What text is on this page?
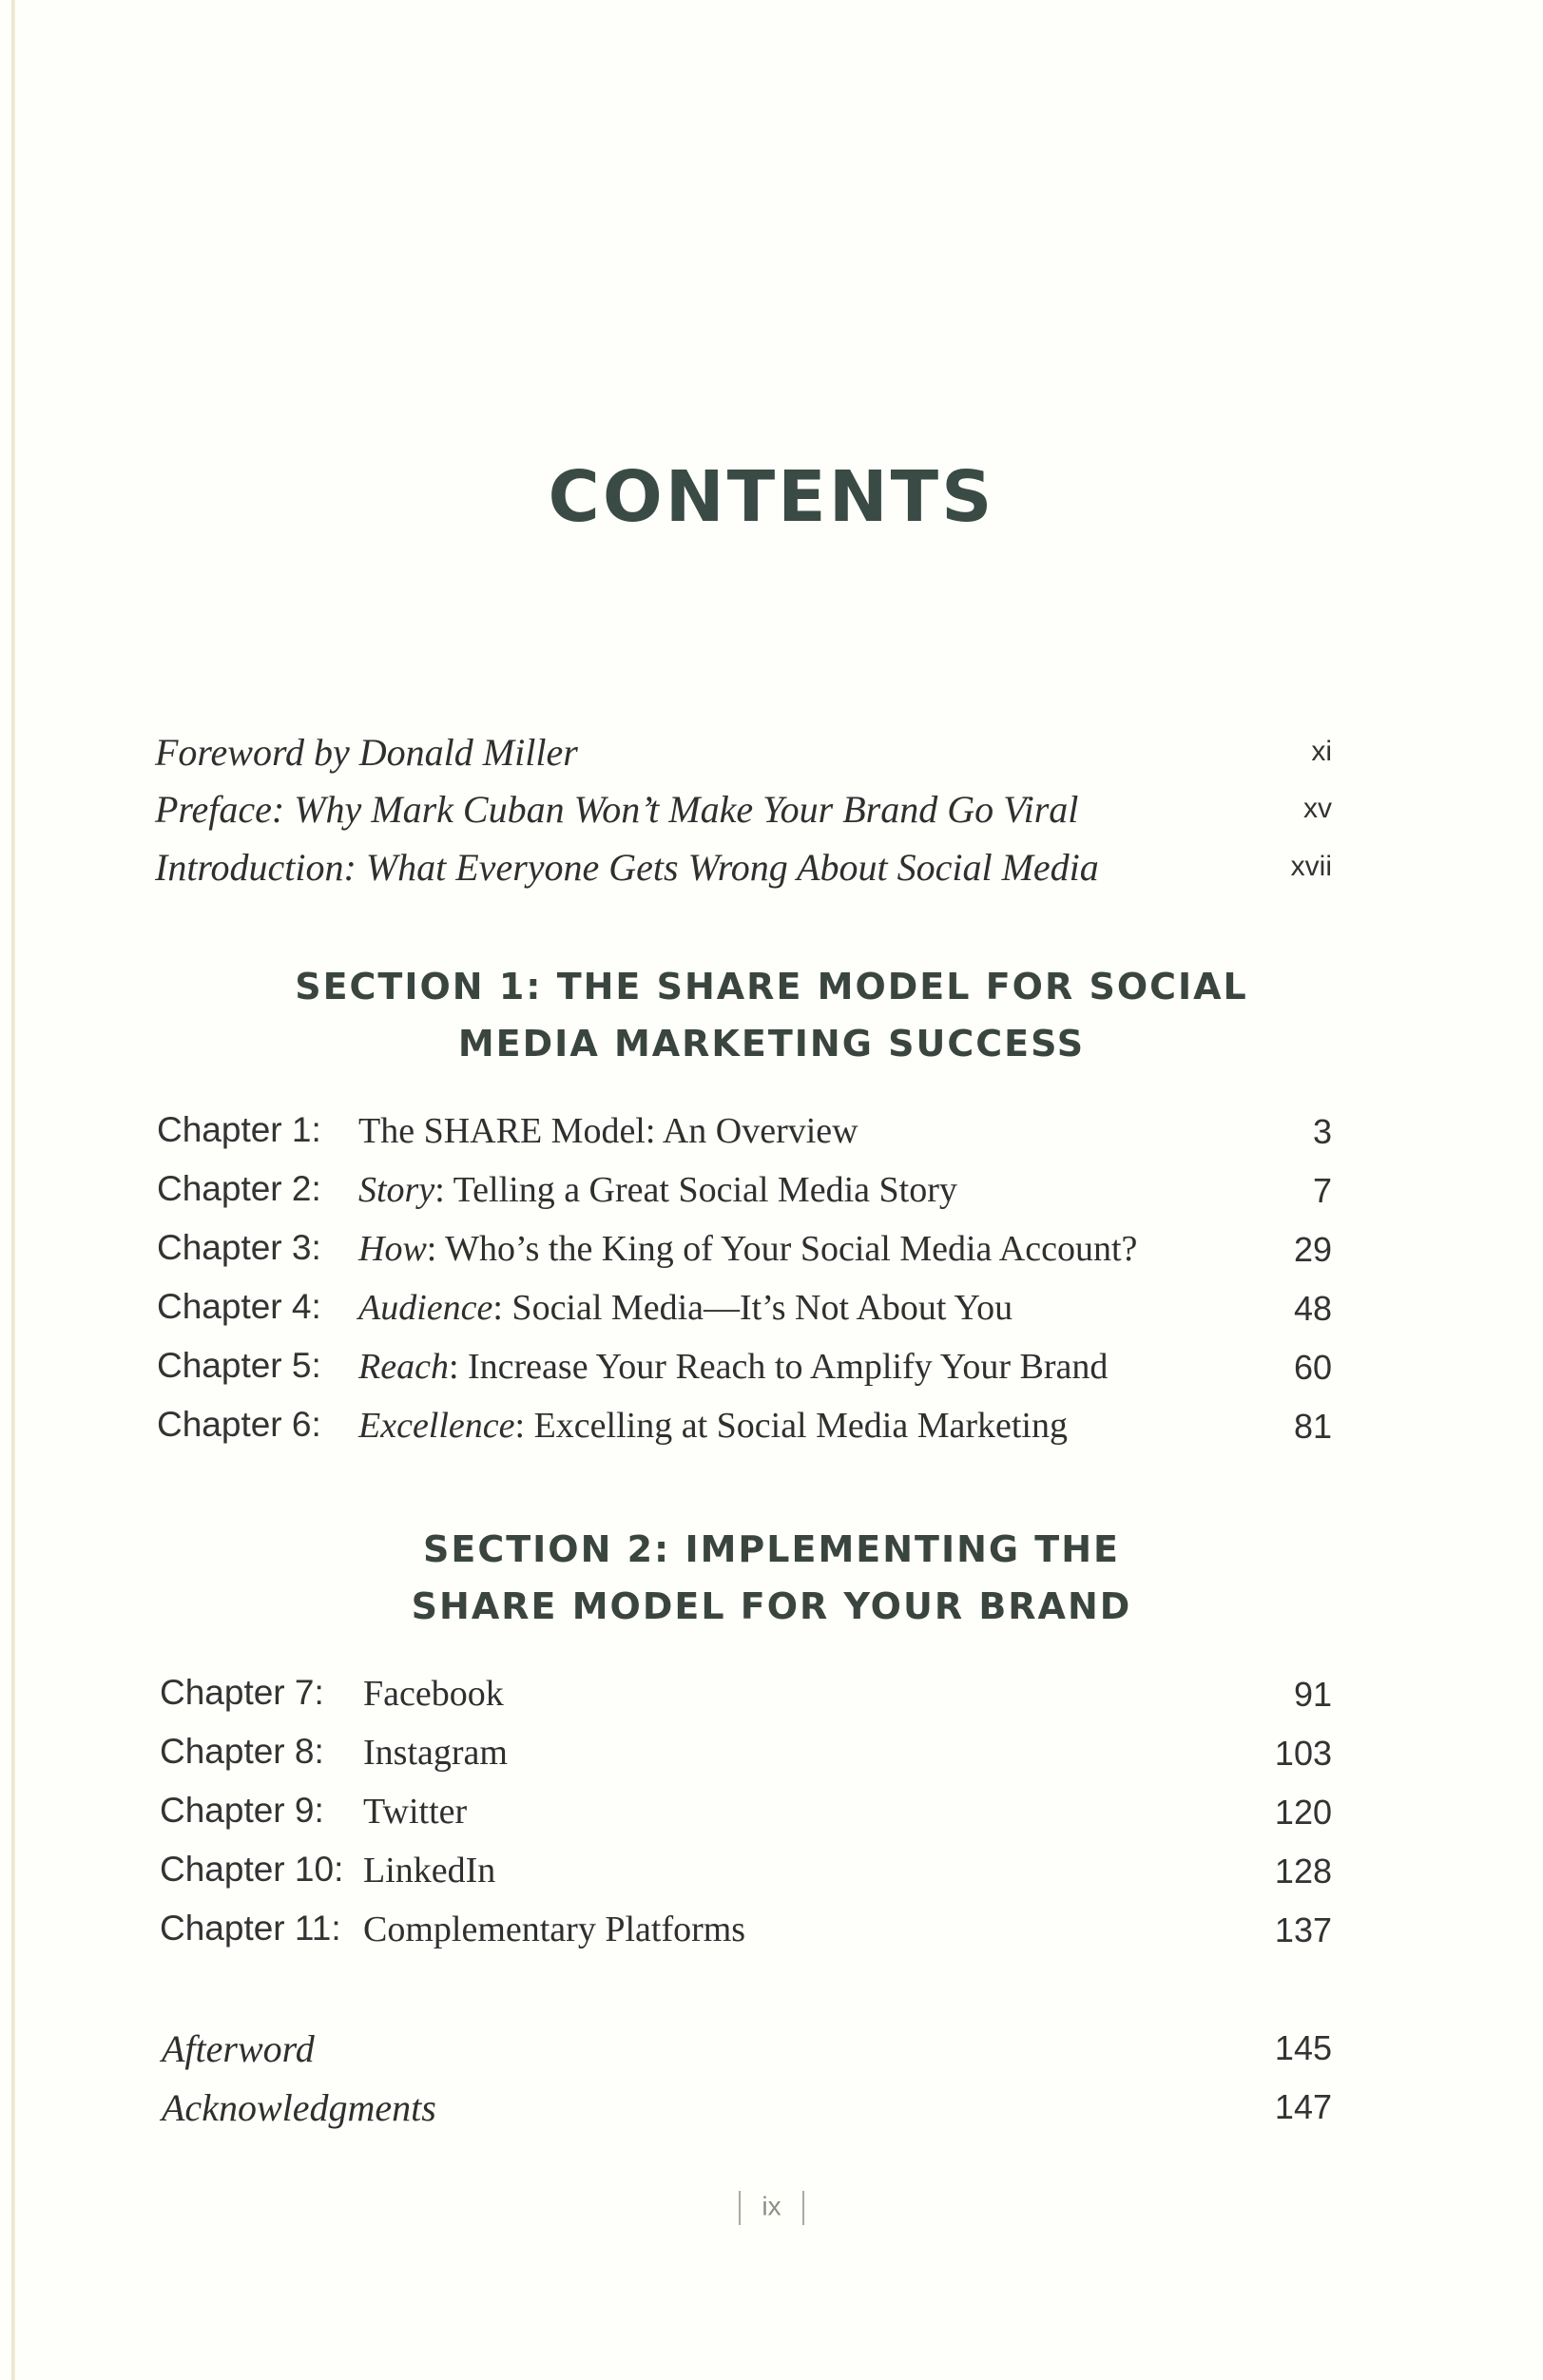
CONTENTS
Foreword by Donald Miller	xi
Preface: Why Mark Cuban Won’t Make Your Brand Go Viral	xv
Introduction: What Everyone Gets Wrong About Social Media	xvii
SECTION 1: THE SHARE MODEL FOR SOCIAL
MEDIA MARKETING SUCCESS
Chapter 1: The SHARE Model: An Overview	3
Chapter 2: Story: Telling a Great Social Media Story	7
Chapter 3: How: Who’s the King of Your Social Media Account?	29
Chapter 4: Audience: Social Media—It’s Not About You	48
Chapter 5: Reach: Increase Your Reach to Amplify Your Brand	60
Chapter 6: Excellence: Excelling at Social Media Marketing	81
SECTION 2: IMPLEMENTING THE
SHARE MODEL FOR YOUR BRAND
Chapter 7: Facebook	91
Chapter 8: Instagram	103
Chapter 9: Twitter	120
Chapter 10: LinkedIn	128
Chapter 11: Complementary Platforms	137
Afterword	145
Acknowledgments	147
ix
